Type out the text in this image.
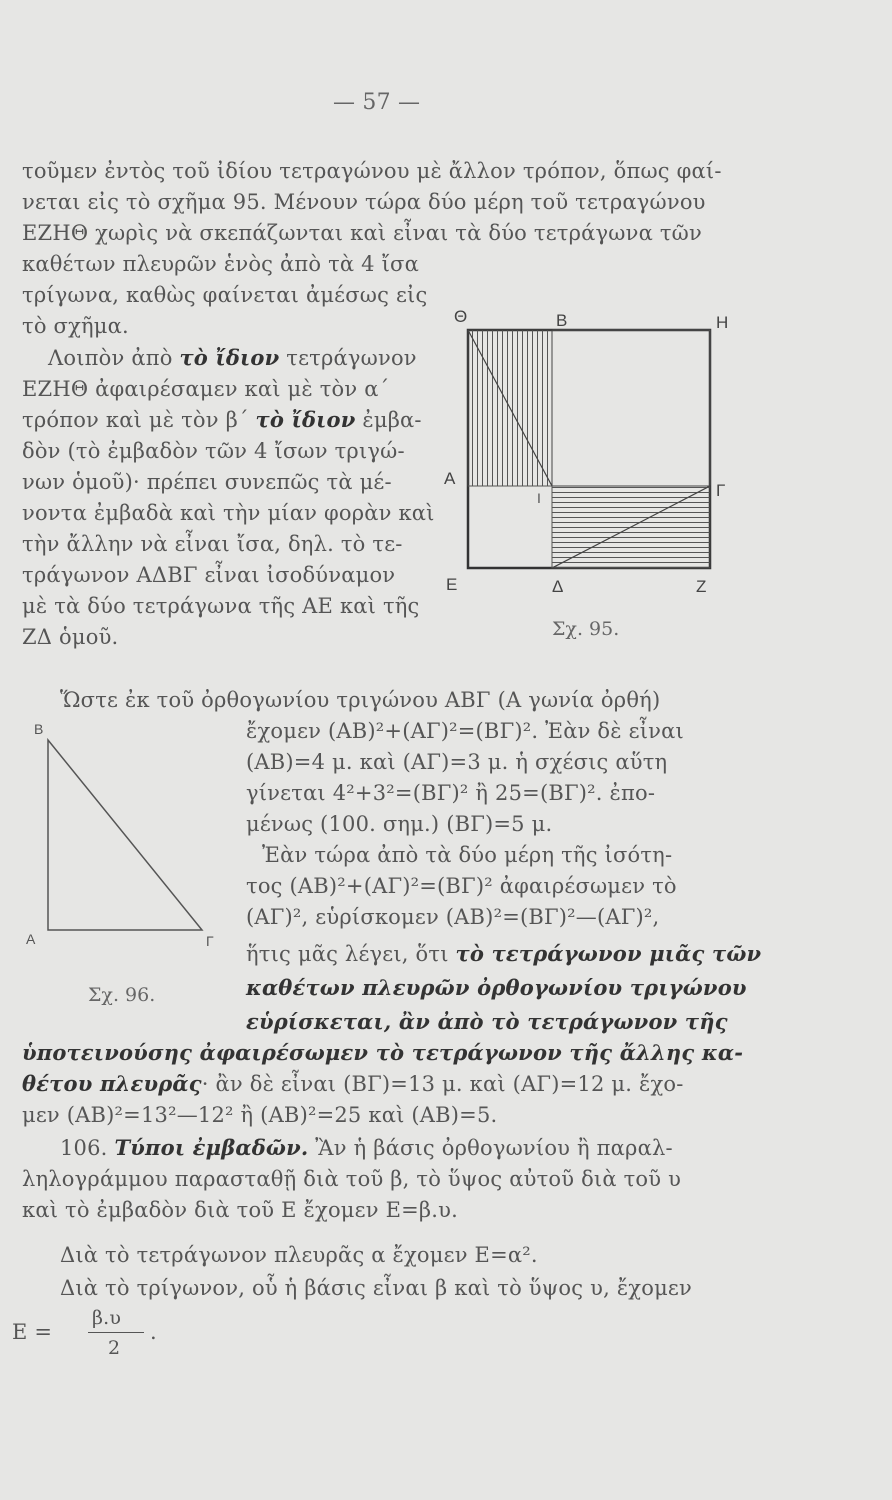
— 57 —
τοῦμεν ἐντὸς τοῦ ἰδίου τετραγώνου μὲ ἄλλον τρόπον, ὅπως φαί-
νεται εἰς τὸ σχῆμα 95. Μένουν τώρα δύο μέρη τοῦ τετραγώνου
ΕΖΗΘ χωρὶς νὰ σκεπάζωνται καὶ εἶναι τὰ δύο τετράγωνα τῶν
καθέτων πλευρῶν ἑνὸς ἀπὸ τὰ 4 ἴσα
τρίγωνα, καθὼς φαίνεται ἀμέσως εἰς
τὸ σχῆμα.
Λοιπὸν ἀπὸ τὸ ἴδιον τετράγωνον
ΕΖΗΘ ἀφαιρέσαμεν καὶ μὲ τὸν α΄
τρόπον καὶ μὲ τὸν β΄ τὸ ἴδιον ἐμβα-
δὸν (τὸ ἐμβαδὸν τῶν 4 ἴσων τριγώ-
νων ὁμοῦ)· πρέπει συνεπῶς τὰ μέ-
νοντα ἐμβαδὰ καὶ τὴν μίαν φορὰν καὶ
τὴν ἄλλην νὰ εἶναι ἴσα, δηλ. τὸ τε-
τράγωνον ΑΔΒΓ εἶναι ἰσοδύναμον
μὲ τὰ δύο τετράγωνα τῆς ΑΕ καὶ τῆς
ΖΔ ὁμοῦ.
Θ	Β	Η
Α
Ι	Γ
Ε	Δ	Ζ
Σχ. 95.
Ὥστε ἐκ τοῦ ὀρθογωνίου τριγώνου ΑΒΓ (Α γωνία ὀρθή)
ἔχομεν (ΑΒ)²+(ΑΓ)²=(ΒΓ)². Ἐὰν δὲ εἶναι
(ΑΒ)=4 μ. καὶ (ΑΓ)=3 μ. ἡ σχέσις αὕτη
γίνεται 4²+3²=(ΒΓ)² ἢ 25=(ΒΓ)². ἐπο-
μένως (100. σημ.) (ΒΓ)=5 μ.
Β
Α	Γ
Σχ. 96.
Ἐὰν τώρα ἀπὸ τὰ δύο μέρη τῆς ἰσότη-
τος (ΑΒ)²+(ΑΓ)²=(ΒΓ)² ἀφαιρέσωμεν τὸ
(ΑΓ)², εὑρίσκομεν (ΑΒ)²=(ΒΓ)²—(ΑΓ)²,
ἥτις μᾶς λέγει, ὅτι τὸ τετράγωνον μιᾶς τῶν
καθέτων πλευρῶν ὀρθογωνίου τριγώνου
εὑρίσκεται, ἂν ἀπὸ τὸ τετράγωνον τῆς
ὑποτεινούσης ἀφαιρέσωμεν τὸ τετράγωνον τῆς ἄλλης κα-
θέτου πλευρᾶς· ἂν δὲ εἶναι (ΒΓ)=13 μ. καὶ (ΑΓ)=12 μ. ἔχο-
μεν (ΑΒ)²=13²—12² ἢ (ΑΒ)²=25 καὶ (ΑΒ)=5.
106. Τύποι ἐμβαδῶν. Ἂν ἡ βάσις ὀρθογωνίου ἢ παραλ-
ληλογράμμου παρασταθῇ διὰ τοῦ β, τὸ ὕψος αὐτοῦ διὰ τοῦ υ
καὶ τὸ ἐμβαδὸν διὰ τοῦ Ε ἔχομεν Ε=β.υ.
Διὰ τὸ τετράγωνον πλευρᾶς α ἔχομεν Ε=α².
Διὰ τὸ τρίγωνον, οὗ ἡ βάσις εἶναι β καὶ τὸ ὕψος υ, ἔχομεν
Ε =
β.υ
2
.
